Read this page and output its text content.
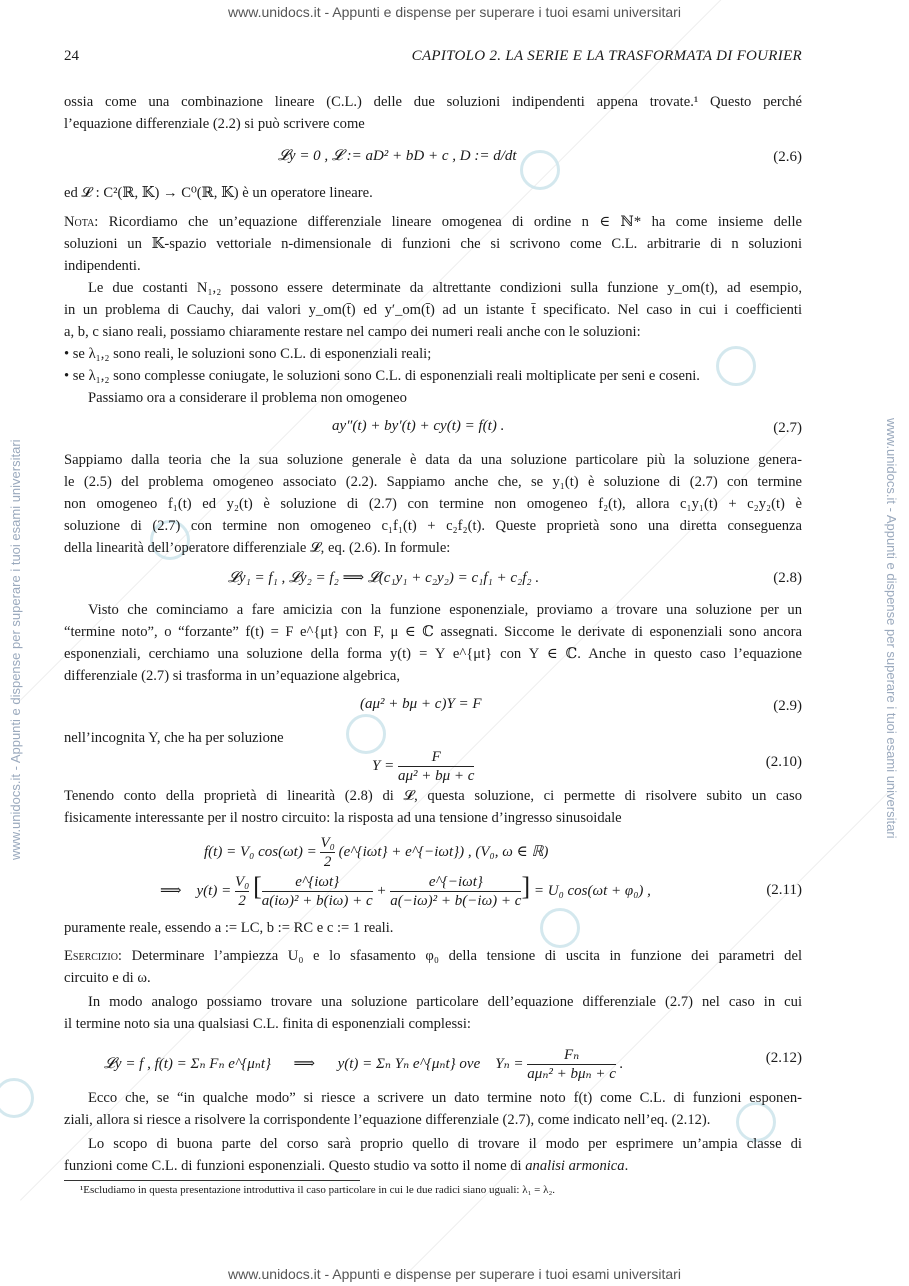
www.unidocs.it - Appunti e dispense per superare i tuoi esami universitari
www.unidocs.it - Appunti e dispense per superare i tuoi esami universitari
www.unidocs.it - Appunti e dispense per superare i tuoi esami universitari	www.unidocs.it - Appunti e dispense per superare i tuoi esami universitari
24	CAPITOLO 2. LA SERIE E LA TRASFORMATA DI FOURIER
ossia come una combinazione lineare (C.L.) delle due soluzioni indipendenti appena trovate.¹ Questo perché
l’equazione differenziale (2.2) si può scrivere come
𝓛y = 0 , 𝓛 := aD² + bD + c , D := d/dt	(2.6)
ed 𝓛 : C²(ℝ, 𝕂) → C⁰(ℝ, 𝕂) è un operatore lineare.
Nota: Ricordiamo che un’equazione differenziale lineare omogenea di ordine n ∈ ℕ* ha come insieme delle
soluzioni un 𝕂-spazio vettoriale n-dimensionale di funzioni che si scrivono come C.L. arbitrarie di n soluzioni
indipendenti.
Le due costanti N₁,₂ possono essere determinate da altrettante condizioni sulla funzione y_om(t), ad esempio,
in un problema di Cauchy, dai valori y_om(t̄) ed y′_om(t̄) ad un istante t̄ specificato. Nel caso in cui i coefficienti
a, b, c siano reali, possiamo chiaramente restare nel campo dei numeri reali anche con le soluzioni:
• se λ₁,₂ sono reali, le soluzioni sono C.L. di esponenziali reali;
• se λ₁,₂ sono complesse coniugate, le soluzioni sono C.L. di esponenziali reali moltiplicate per seni e coseni.
Passiamo ora a considerare il problema non omogeneo
ay″(t) + by′(t) + cy(t) = f(t) .	(2.7)
Sappiamo dalla teoria che la sua soluzione generale è data da una soluzione particolare più la soluzione genera-
le (2.5) del problema omogeneo associato (2.2). Sappiamo anche che, se y₁(t) è soluzione di (2.7) con termine
non omogeneo f₁(t) ed y₂(t) è soluzione di (2.7) con termine non omogeneo f₂(t), allora c₁y₁(t) + c₂y₂(t) è
soluzione di (2.7) con termine non omogeneo c₁f₁(t) + c₂f₂(t). Queste proprietà sono una diretta conseguenza
della linearità dell’operatore differenziale 𝓛, eq. (2.6). In formule:
𝓛y₁ = f₁ , 𝓛y₂ = f₂ ⟹ 𝓛(c₁y₁ + c₂y₂) = c₁f₁ + c₂f₂ .	(2.8)
Visto che cominciamo a fare amicizia con la funzione esponenziale, proviamo a trovare una soluzione per un
“termine noto”, o “forzante” f(t) = F e^{μt} con F, μ ∈ ℂ assegnati. Siccome le derivate di esponenziali sono ancora
esponenziali, cerchiamo una soluzione della forma y(t) = Y e^{μt} con Y ∈ ℂ. Anche in questo caso l’equazione
differenziale (2.7) si trasforma in un’equazione algebrica,
(aμ² + bμ + c)Y = F	(2.9)
nell’incognita Y, che ha per soluzione
$Y = \frac{F}{\text{aμ² + bμ + c}}$	(2.10)
Tenendo conto della proprietà di linearità (2.8) di 𝓛, questa soluzione, ci permette di risolvere subito un caso
fisicamente interessante per il nostro circuito: la risposta ad una tensione d’ingresso sinusoidale
f(t) = V₀ $\cos(\omega t) = \frac{\text{V₀}}{2}$ (e^{iωt} + e^{−iωt}) , (V₀, ω ∈ ℝ)
⟹ $y(t) = \frac{\text{V₀}}{2}$ [ $\frac{\text{e\textasciicircum{}\{iωt\}}}{\text{a(iω)² + b(iω) + c}} + \frac{\text{e\textasciicircum{}\{−iωt\}}}{\text{a(−iω)² + b(−iω) + c}}$ ] = U₀ cos(ωt + φ₀) ,	(2.11)
puramente reale, essendo a := LC, b := RC e c := 1 reali.
Esercizio: Determinare l’ampiezza U₀ e lo sfasamento φ₀ della tensione di uscita in funzione dei parametri del
circuito e di ω.
In modo analogo possiamo trovare una soluzione particolare dell’equazione differenziale (2.7) nel caso in cui
il termine noto sia una qualsiasi C.L. finita di esponenziali complessi:
𝓛y = f , f(t) = Σₙ Fₙ e^{μₙt} ⟹ y(t) = Σₙ Yₙ e^{μₙt} ove $Y_n = \frac{\text{Fₙ}}{\text{aμₙ² + bμₙ + c}}$ .	(2.12)
Ecco che, se “in qualche modo” si riesce a scrivere un dato termine noto f(t) come C.L. di funzioni esponen-
ziali, allora si riesce a risolvere la corrispondente l’equazione differenziale (2.7), come indicato nell’eq. (2.12).
Lo scopo di buona parte del corso sarà proprio quello di trovare il modo per esprimere un’ampia classe di
funzioni come C.L. di funzioni esponenziali. Questo studio va sotto il nome di analisi armonica.
¹Escludiamo in questa presentazione introduttiva il caso particolare in cui le due radici siano uguali: λ₁ = λ₂.
